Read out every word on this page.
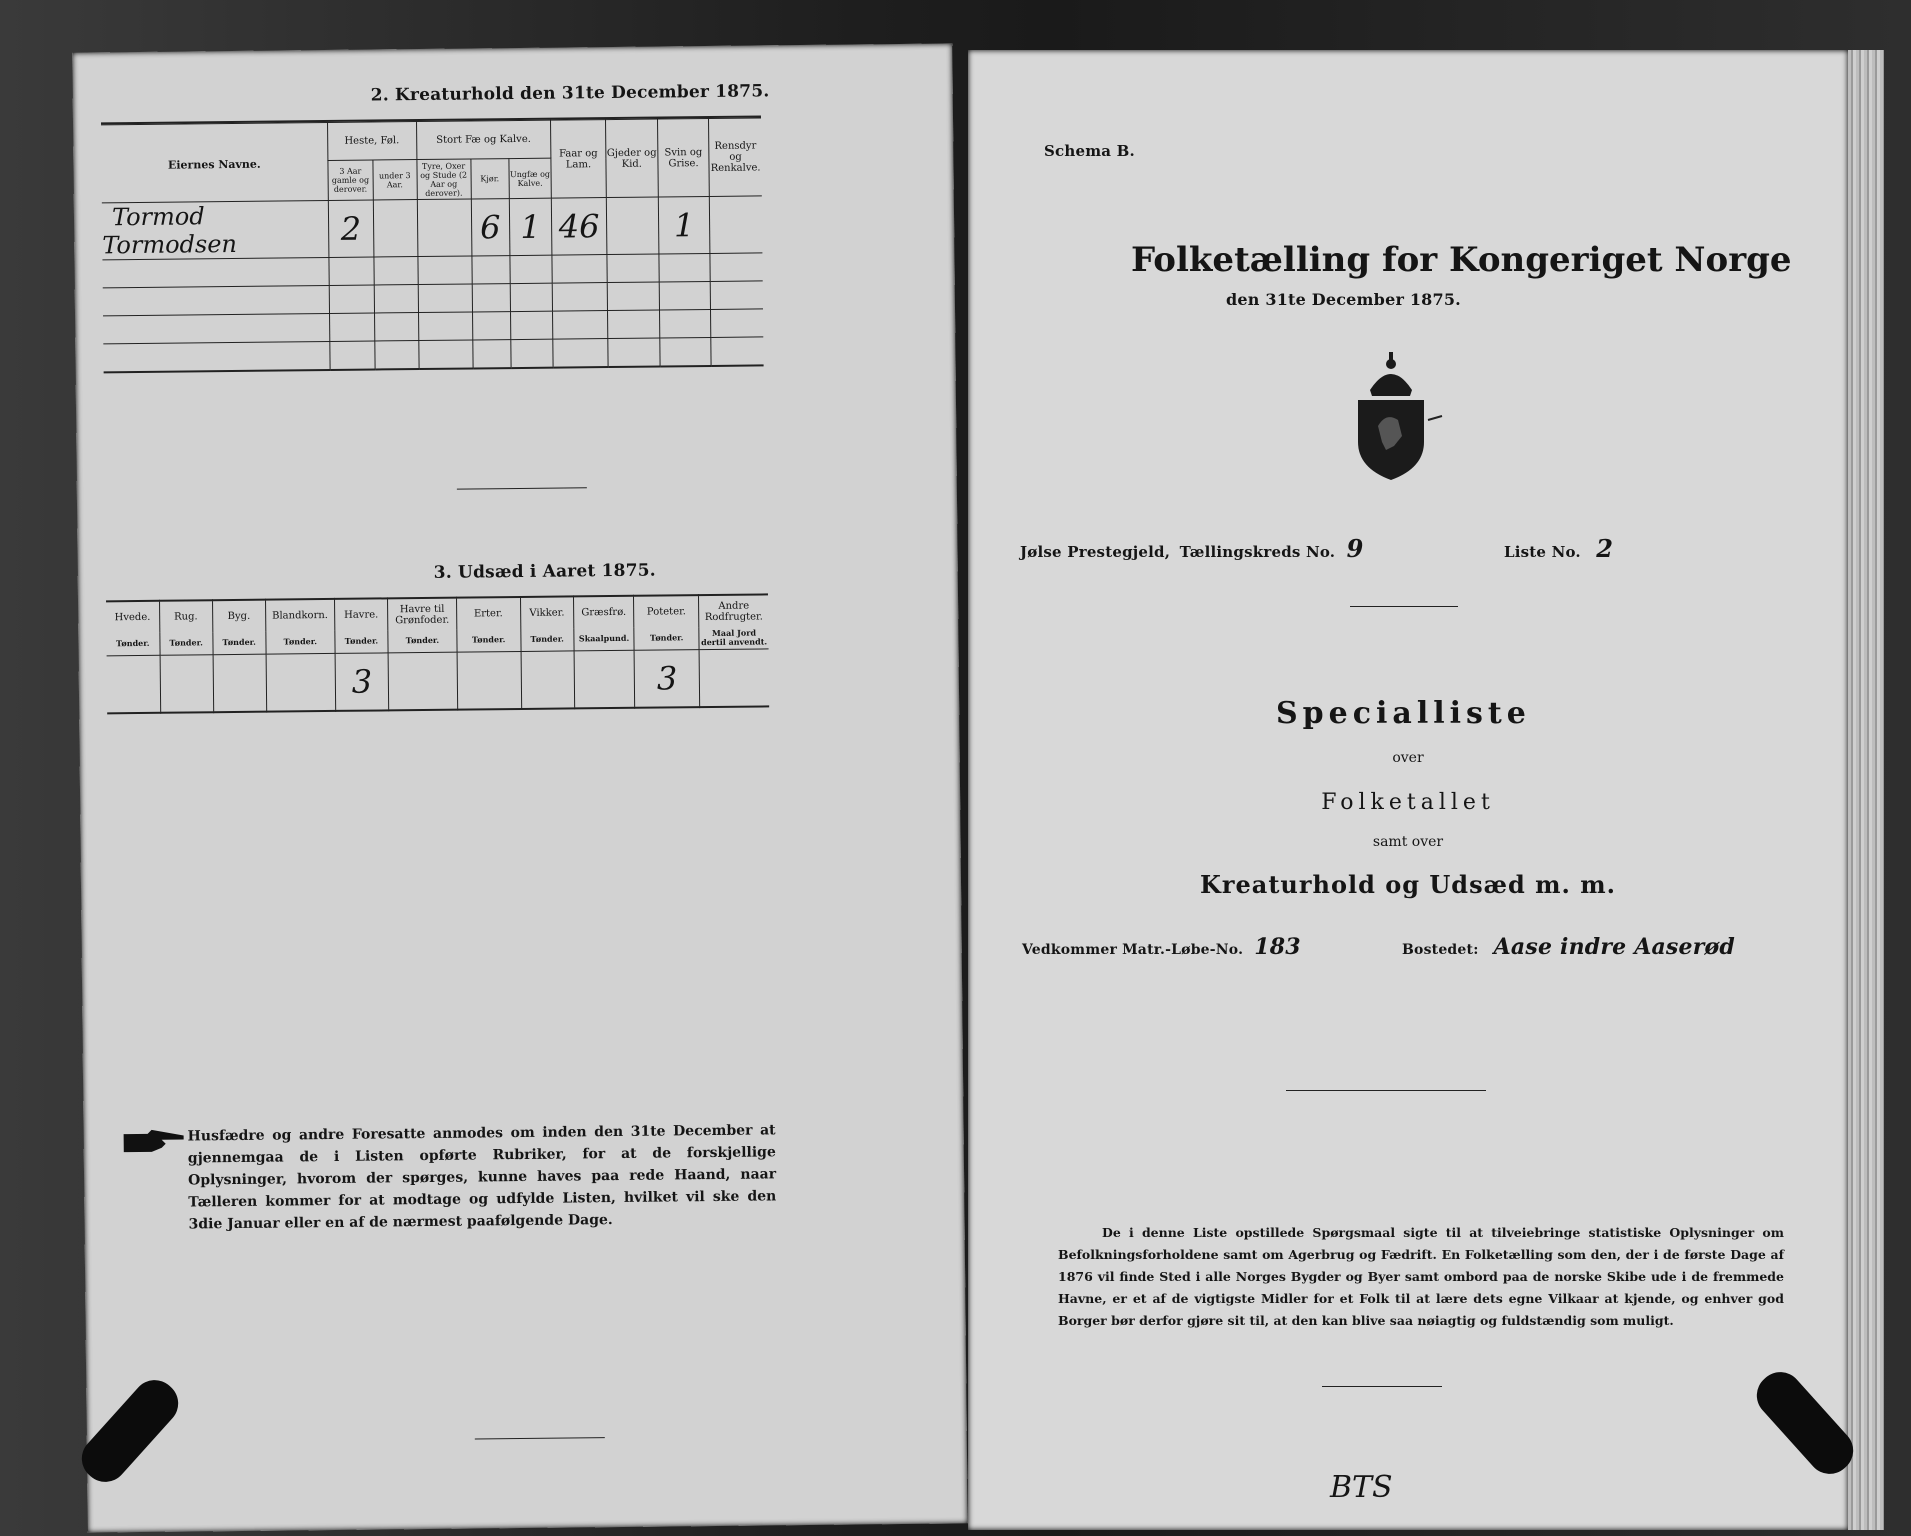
2. Kreaturhold den 31te December 1875.
Eiernes Navne.	Heste, Føl.		Stort Fæ og Kalve.			Faar og Lam.	Gjeder og Kid.	Svin og Grise.	Rensdyr og Renkalve.
	3 Aar gamle og derover.	under 3 Aar.	Tyre, Oxer og Stude (2 Aar og derover).	Kjør.	Ungfæ og Kalve.				
Tormod Tormodsen	2			6	1	46		1	

3. Udsæd i Aaret 1875.
Hvede.	Rug.	Byg.	Blandkorn.	Havre.	Havre til Grønfoder.	Erter.	Vikker.	Græsfrø.	Poteter.	Andre Rodfrugter.
Tønder.	Tønder.	Tønder.	Tønder.	Tønder.	Tønder.	Tønder.	Tønder.	Skaalpund.	Tønder.	Maal Jord dertil anvendt.
				3					3	
Husfædre og andre Foresatte anmodes om inden den 31te December at gjennemgaa de i Listen opførte Rubriker, for at de forskjellige Oplysninger, hvorom der spørges, kunne haves paa rede Haand, naar Tælleren kommer for at modtage og udfylde Listen, hvilket vil ske den 3die Januar eller en af de nærmest paafølgende Dage.
Schema B.
Folketælling for Kongeriget Norge
den 31te December 1875.
Jølse Prestegjeld, Tællingskreds No. 9	Liste No. 2
Specialliste
over
Folketallet
samt over
Kreaturhold og Udsæd m. m.
Vedkommer Matr.-Løbe-No. 183	Bostedet: Aase indre Aaserød
De i denne Liste opstillede Spørgsmaal sigte til at tilveiebringe statistiske Oplysninger om Befolkningsforholdene samt om Agerbrug og Fædrift. En Folketælling som den, der i de første Dage af 1876 vil finde Sted i alle Norges Bygder og Byer samt ombord paa de norske Skibe ude i de fremmede Havne, er et af de vigtigste Midler for et Folk til at lære dets egne Vilkaar at kjende, og enhver god Borger bør derfor gjøre sit til, at den kan blive saa nøiagtig og fuldstændig som muligt.
BTS
